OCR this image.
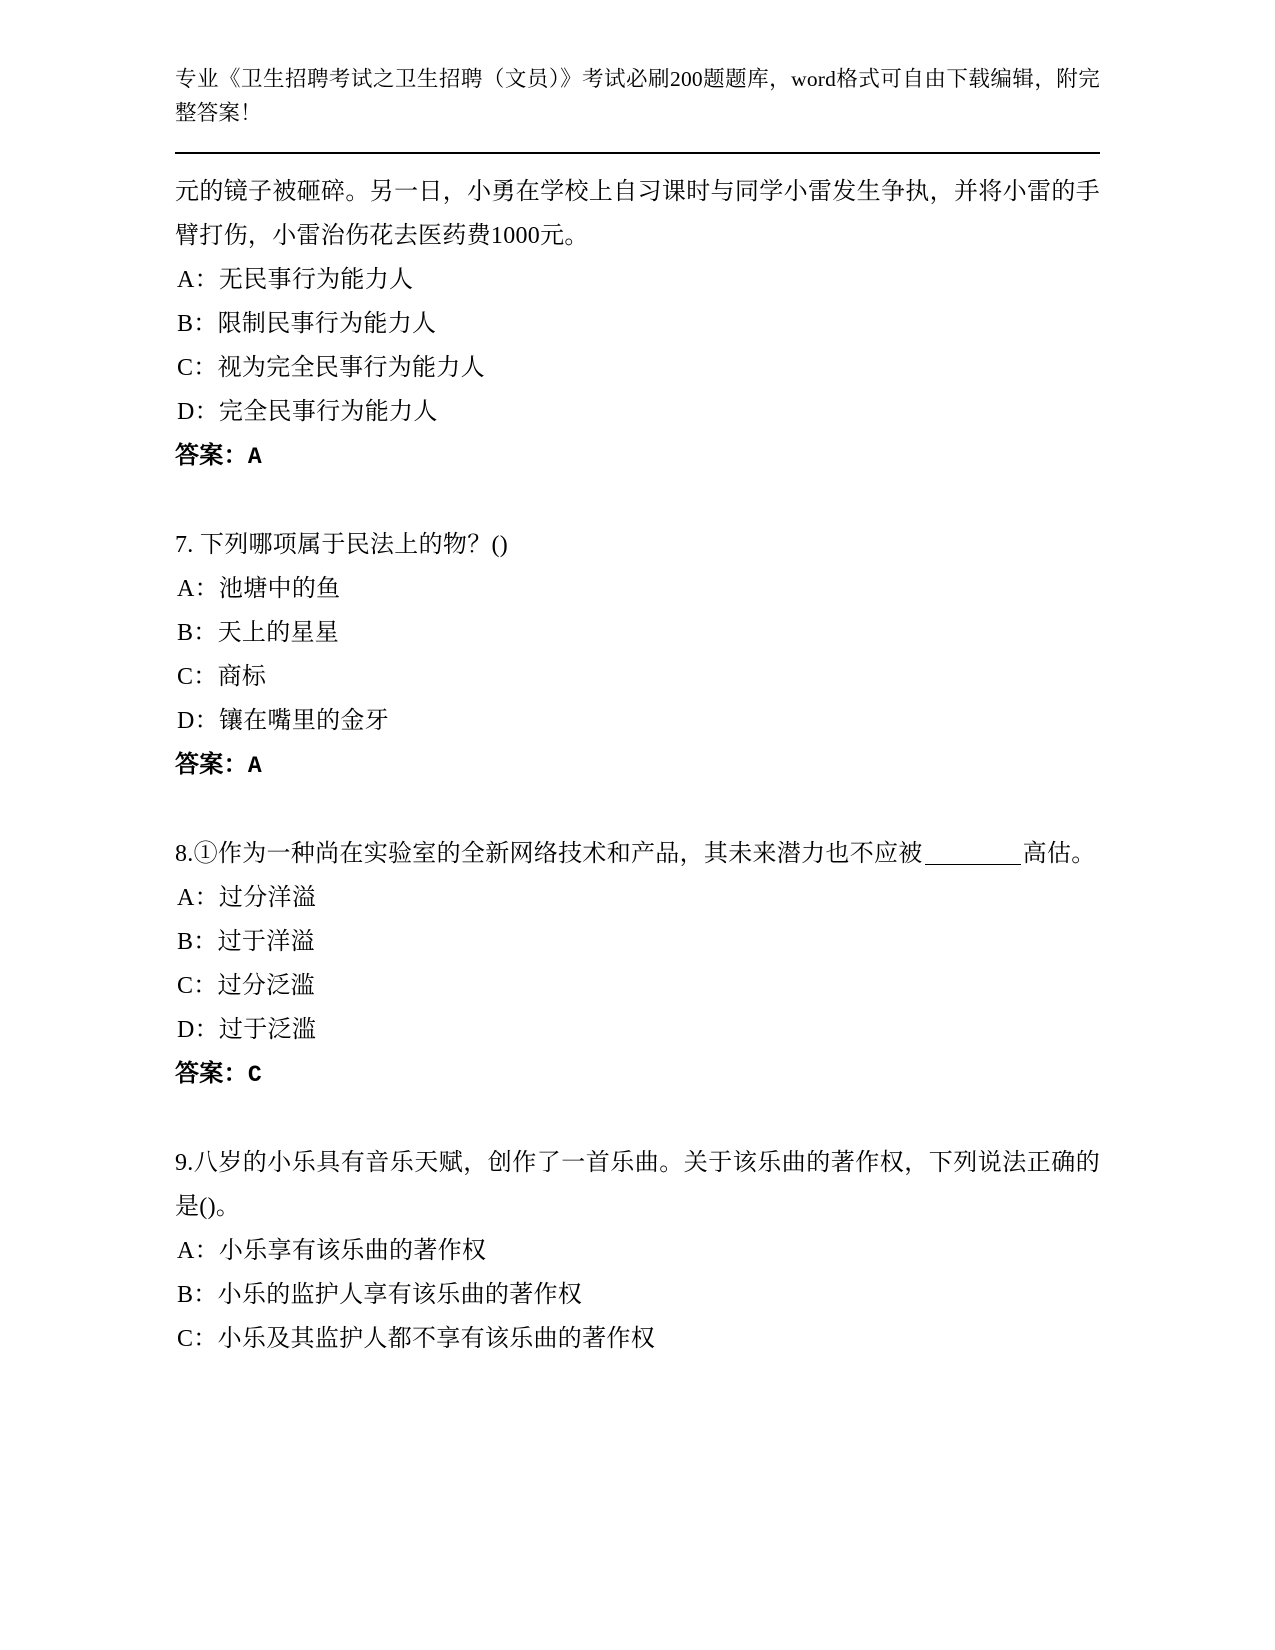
专业《卫生招聘考试之卫生招聘（文员）》考试必刷200题题库，word格式可自由下载编辑，附完整答案！
元的镜子被砸碎。另一日，小勇在学校上自习课时与同学小雷发生争执，并将小雷的手臂打伤，小雷治伤花去医药费1000元。
A：无民事行为能力人
B：限制民事行为能力人
C：视为完全民事行为能力人
D：完全民事行为能力人
答案：A
7. 下列哪项属于民法上的物？()
A：池塘中的鱼
B：天上的星星
C：商标
D：镶在嘴里的金牙
答案：A
8.①作为一种尚在实验室的全新网络技术和产品，其未来潜力也不应被	高估。
A：过分洋溢
B：过于洋溢
C：过分泛滥
D：过于泛滥
答案：C
9.八岁的小乐具有音乐天赋，创作了一首乐曲。关于该乐曲的著作权，下列说法正确的是()。
A：小乐享有该乐曲的著作权
B：小乐的监护人享有该乐曲的著作权
C：小乐及其监护人都不享有该乐曲的著作权
